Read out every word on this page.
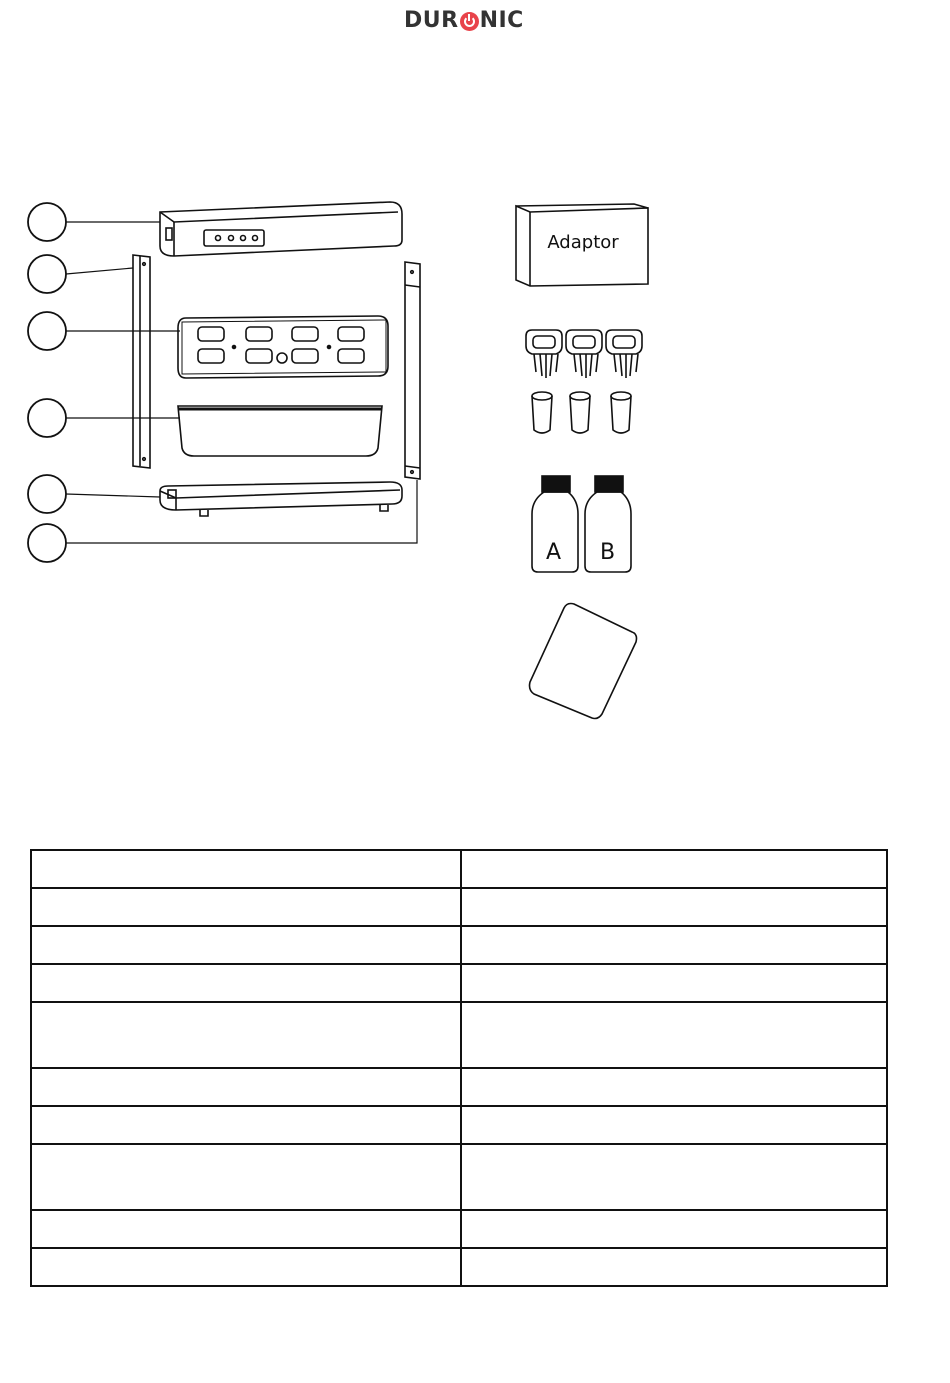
DUR NIC
Adaptor
A B
